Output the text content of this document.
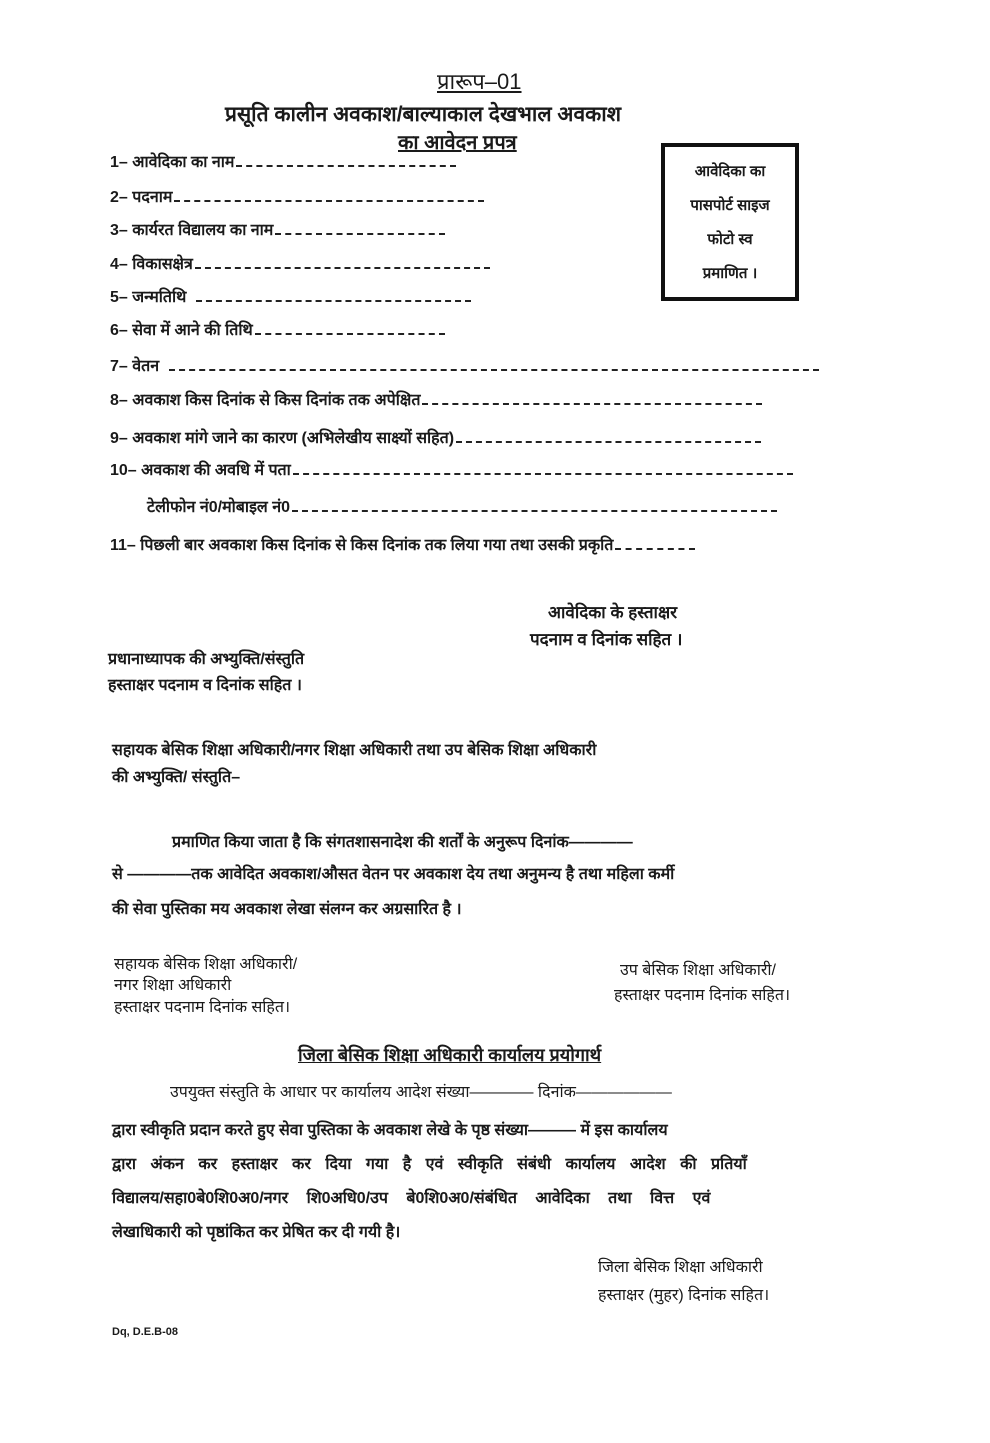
प्रारूप–01
प्रसूति कालीन अवकाश/बाल्याकाल देखभाल अवकाश
का आवेदन प्रपत्र
आवेदिका का
पासपोर्ट साइज
फोटो स्व
प्रमाणित ।
1– आवेदिका का नाम
2– पदनाम
3– कार्यरत विद्यालय का नाम
4– विकासक्षेत्र
5– जन्मतिथि
6– सेवा में आने की तिथि
7– वेतन
8– अवकाश किस दिनांक से किस दिनांक तक अपेक्षित
9– अवकाश मांगे जाने का कारण (अभिलेखीय साक्ष्यों सहित)
10– अवकाश की अवधि में पता
टेलीफोन नं0/मोबाइल नं0
11– पिछली बार अवकाश किस दिनांक से किस दिनांक तक लिया गया तथा उसकी प्रकृति
आवेदिका के हस्ताक्षर
पदनाम व दिनांक सहित ।
प्रधानाध्यापक की अभ्युक्ति/संस्तुति
हस्ताक्षर पदनाम व दिनांक सहित ।
सहायक बेसिक शिक्षा अधिकारी/नगर शिक्षा अधिकारी तथा उप बेसिक शिक्षा अधिकारी
की अभ्युक्ति/ संस्तुति–
प्रमाणित किया जाता है कि संगतशासनादेश की शर्तों के अनुरूप दिनांक————
से ————तक आवेदित अवकाश/औसत वेतन पर अवकाश देय तथा अनुमन्य है तथा महिला कर्मी
की सेवा पुस्तिका मय अवकाश लेखा संलग्न कर अग्रसारित है ।
सहायक बेसिक शिक्षा अधिकारी/
नगर शिक्षा अधिकारी
हस्ताक्षर पदनाम दिनांक सहित।
उप बेसिक शिक्षा अधिकारी/
हस्ताक्षर पदनाम दिनांक सहित।
जिला बेसिक शिक्षा अधिकारी कार्यालय प्रयोगार्थ
उपयुक्त संस्तुति के आधार पर कार्यालय आदेश संख्या———— दिनांक——————
द्वारा स्वीकृति प्रदान करते हुए सेवा पुस्तिका के अवकाश लेखे के पृष्ठ संख्या——— में इस कार्यालय
द्वारा अंकन कर हस्ताक्षर कर दिया गया है एवं स्वीकृति संबंधी कार्यालय आदेश की प्रतियॉं
विद्यालय/सहा0बे0शि0अ0/नगर शि0अधि0/उप बे0शि0अ0/संबंधित आवेदिका तथा वित्त एवं
लेखाधिकारी को पृष्ठांकित कर प्रेषित कर दी गयी है।
जिला बेसिक शिक्षा अधिकारी
हस्ताक्षर (मुहर) दिनांक सहित।
Dq, D.E.B-08
